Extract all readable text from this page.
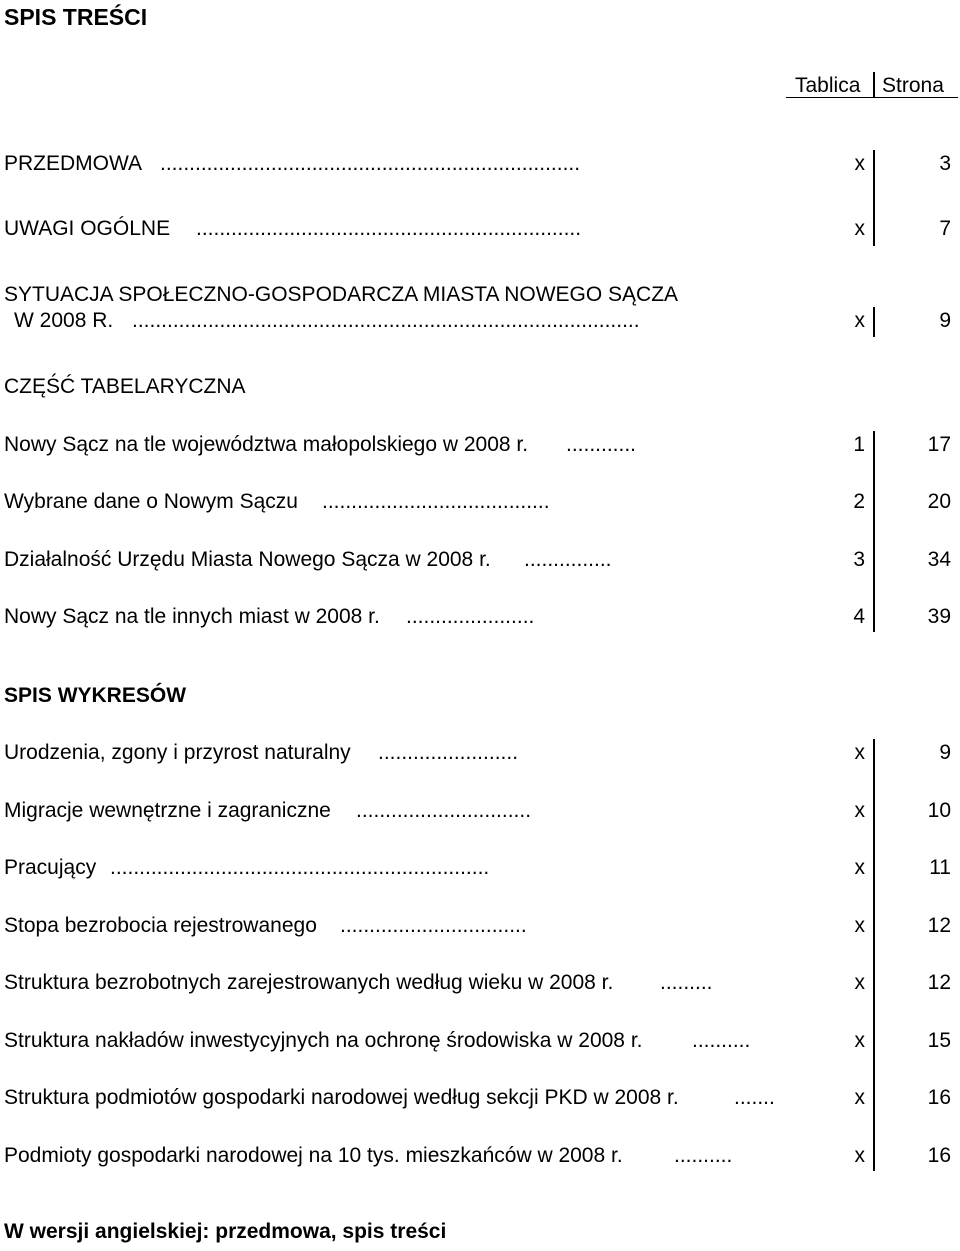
SPIS TREŚCI
Tablica Strona
PRZEDMOWA ........................................................................	x	3
UWAGI OGÓLNE ..................................................................	x	7
SYTUACJA SPOŁECZNO-GOSPODARCZA MIASTA NOWEGO SĄCZA
W 2008 R. .......................................................................................	x	9
CZĘŚĆ TABELARYCZNA
Nowy Sącz na tle województwa małopolskiego w 2008 r. ............	1	17
Wybrane dane o Nowym Sączu .......................................	2	20
Działalność Urzędu Miasta Nowego Sącza w 2008 r. ...............	3	34
Nowy Sącz na tle innych miast w 2008 r. ......................	4	39
SPIS WYKRESÓW
Urodzenia, zgony i przyrost naturalny ........................	x	9
Migracje wewnętrzne i zagraniczne ..............................	x	10
Pracujący .................................................................	x	11
Stopa bezrobocia rejestrowanego ................................	x	12
Struktura bezrobotnych zarejestrowanych według wieku w 2008 r. .........	x	12
Struktura nakładów inwestycyjnych na ochronę środowiska w 2008 r. ..........	x	15
Struktura podmiotów gospodarki narodowej według sekcji PKD w 2008 r.	.......	x	16
Podmioty gospodarki narodowej na 10 tys. mieszkańców w 2008 r. ..........	x	16
W wersji angielskiej: przedmowa, spis treści
